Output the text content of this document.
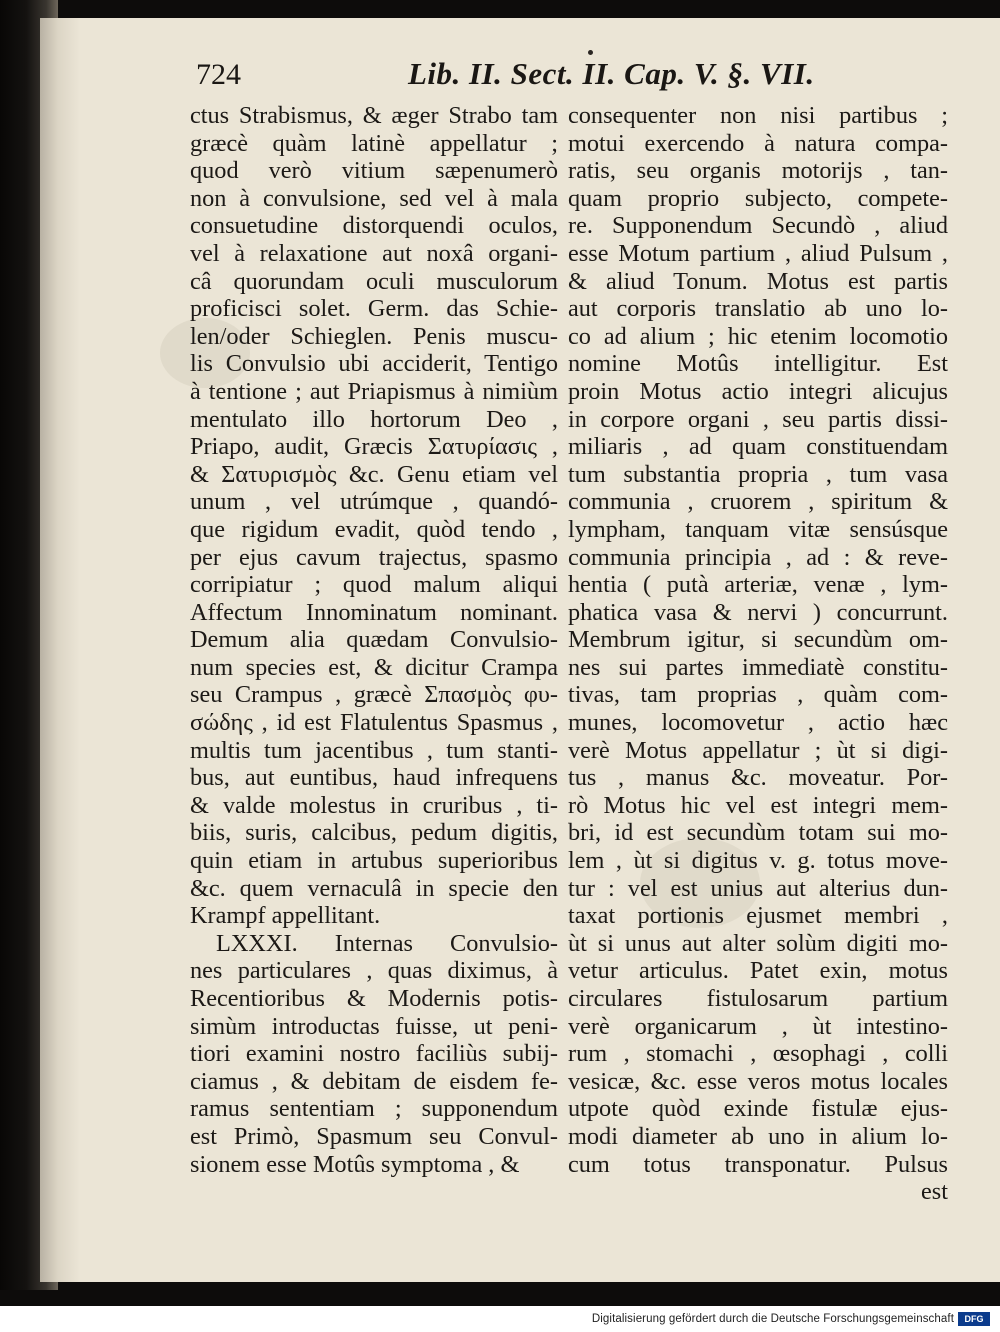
724	Lib. II. Sect. II. Cap. V. §. VII.
ctus Strabismus, & æger Strabo tam
græcè quàm latinè appellatur ;
quod verò vitium sæpenumerò
non à convulsione, sed vel à mala
consuetudine distorquendi oculos,
vel à relaxatione aut noxâ organi-
câ quorundam oculi musculorum
proficisci solet. Germ. das Schie-
len/oder Schieglen. Penis muscu-
lis Convulsio ubi acciderit, Tentigo
à tentione ; aut Priapismus à nimiùm
mentulato illo hortorum Deo ,
Priapo, audit, Græcis Σατυρίασις ,
& Σατυρισμὸς &c. Genu etiam vel
unum , vel utrúmque , quandó-
que rigidum evadit, quòd tendo ,
per ejus cavum trajectus, spasmo
corripiatur ; quod malum aliqui
Affectum Innominatum nominant.
Demum alia quædam Convulsio-
num species est, & dicitur Crampa
seu Crampus , græcè Σπασμὸς φυ-
σώδης , id est Flatulentus Spasmus ,
multis tum jacentibus , tum stanti-
bus, aut euntibus, haud infrequens
& valde molestus in cruribus , ti-
biis, suris, calcibus, pedum digitis,
quin etiam in artubus superioribus
&c. quem vernaculâ in specie den
Krampf appellitant.
LXXXI. Internas Convulsio-
nes particulares , quas diximus, à
Recentioribus & Modernis potis-
simùm introductas fuisse, ut peni-
tiori examini nostro faciliùs subij-
ciamus , & debitam de eisdem fe-
ramus sententiam ; supponendum
est Primò, Spasmum seu Convul-
sionem esse Motûs symptoma , &
consequenter non nisi partibus ;
motui exercendo à natura compa-
ratis, seu organis motorijs , tan-
quam proprio subjecto, compete-
re. Supponendum Secundò , aliud
esse Motum partium , aliud Pulsum ,
& aliud Tonum. Motus est partis
aut corporis translatio ab uno lo-
co ad alium ; hic etenim locomotio
nomine Motûs intelligitur. Est
proin Motus actio integri alicujus
in corpore organi , seu partis dissi-
miliaris , ad quam constituendam
tum substantia propria , tum vasa
communia , cruorem , spiritum &
lympham, tanquam vitæ sensúsque
communia principia , ad : & reve-
hentia ( putà arteriæ, venæ , lym-
phatica vasa & nervi ) concurrunt.
Membrum igitur, si secundùm om-
nes sui partes immediatè constitu-
tivas, tam proprias , quàm com-
munes, locomovetur , actio hæc
verè Motus appellatur ; ùt si digi-
tus , manus &c. moveatur. Por-
rò Motus hic vel est integri mem-
bri, id est secundùm totam sui mo-
lem , ùt si digitus v. g. totus move-
tur : vel est unius aut alterius dun-
taxat portionis ejusmet membri ,
ùt si unus aut alter solùm digiti mo-
vetur articulus. Patet exin, motus
circulares fistulosarum partium
verè organicarum , ùt intestino-
rum , stomachi , œsophagi , colli
vesicæ, &c. esse veros motus locales
utpote quòd exinde fistulæ ejus-
modi diameter ab uno in alium lo-
cum totus transponatur. Pulsus
est
Digitalisierung gefördert durch die Deutsche Forschungsgemeinschaft	DFG
